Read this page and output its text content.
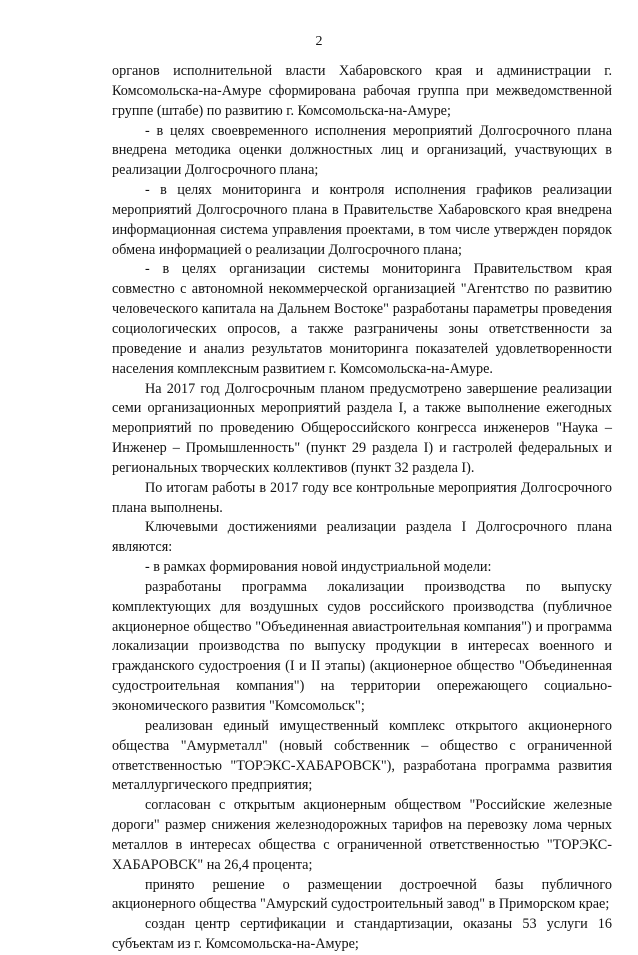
2

органов исполнительной власти Хабаровского края и администрации г. Комсомольска-на-Амуре сформирована рабочая группа при межведомственной группе (штабе) по развитию г. Комсомольска-на-Амуре;

- в целях своевременного исполнения мероприятий Долгосрочного плана внедрена методика оценки должностных лиц и организаций, участвующих в реализации Долгосрочного плана;

- в целях мониторинга и контроля исполнения графиков реализации мероприятий Долгосрочного плана в Правительстве Хабаровского края внедрена информационная система управления проектами, в том числе утвержден порядок обмена информацией о реализации Долгосрочного плана;

- в целях организации системы мониторинга Правительством края совместно с автономной некоммерческой организацией "Агентство по развитию человеческого капитала на Дальнем Востоке" разработаны параметры проведения социологических опросов, а также разграничены зоны ответственности за проведение и анализ результатов мониторинга показателей удовлетворенности населения комплексным развитием г. Комсомольска-на-Амуре.

На 2017 год Долгосрочным планом предусмотрено завершение реализации семи организационных мероприятий раздела I, а также выполнение ежегодных мероприятий по проведению Общероссийского конгресса инженеров "Наука – Инженер – Промышленность" (пункт 29 раздела I) и гастролей федеральных и региональных творческих коллективов (пункт 32 раздела I).

По итогам работы в 2017 году все контрольные мероприятия Долгосрочного плана выполнены.

Ключевыми достижениями реализации раздела I Долгосрочного плана являются:

- в рамках формирования новой индустриальной модели:

разработаны программа локализации производства по выпуску комплектующих для воздушных судов российского производства (публичное акционерное общество "Объединенная авиастроительная компания") и программа локализации производства по выпуску продукции в интересах военного и гражданского судостроения (I и II этапы) (акционерное общество "Объединенная судостроительная компания") на территории опережающего социально-экономического развития "Комсомольск";

реализован единый имущественный комплекс открытого акционерного общества "Амурметалл" (новый собственник – общество с ограниченной ответственностью "ТОРЭКС-ХАБАРОВСК"), разработана программа развития металлургического предприятия;

согласован с открытым акционерным обществом "Российские железные дороги" размер снижения железнодорожных тарифов на перевозку лома черных металлов в интересах общества с ограниченной ответственностью "ТОРЭКС-ХАБАРОВСК" на 26,4 процента;

принято решение о размещении достроечной базы публичного акционерного общества "Амурский судостроительный завод" в Приморском крае;

создан центр сертификации и стандартизации, оказаны 53 услуги 16 субъектам из г. Комсомольска-на-Амуре;
